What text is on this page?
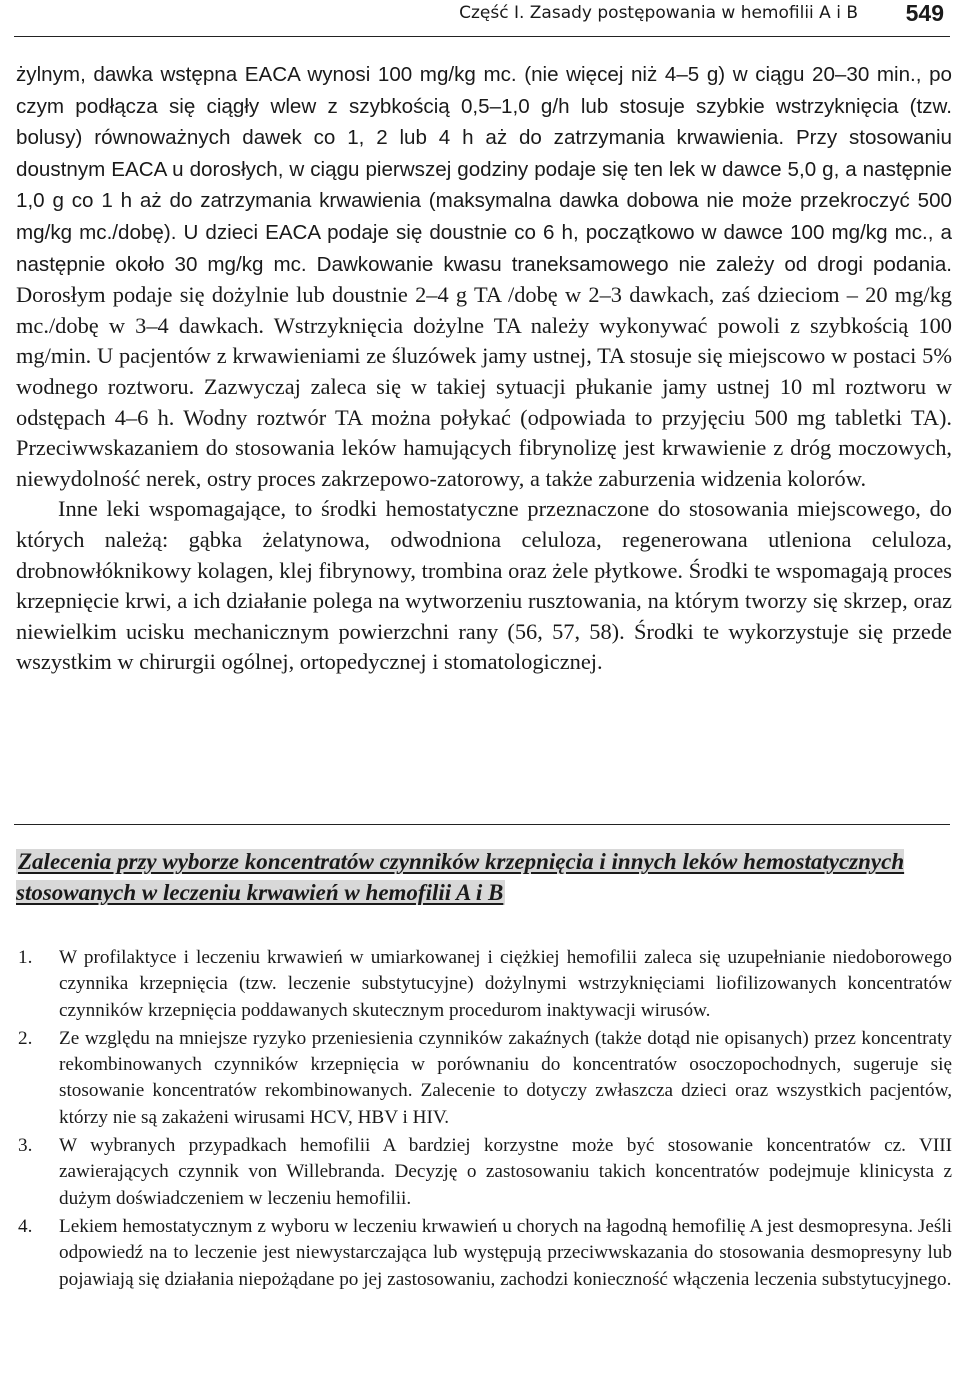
Część I. Zasady postępowania w hemofilii A i B 549

żylnym, dawka wstępna EACA wynosi 100 mg/kg mc. (nie więcej niż 4–5 g) w ciągu 20–30 min., po czym podłącza się ciągły wlew z szybkością 0,5–1,0 g/h lub stosuje szybkie wstrzyknięcia (tzw. bolusy) równoważnych dawek co 1, 2 lub 4 h aż do zatrzymania krwawienia. Przy stosowaniu doustnym EACA u dorosłych, w ciągu pierwszej godziny podaje się ten lek w dawce 5,0 g, a następnie 1,0 g co 1 h aż do zatrzymania krwawienia (maksymalna dawka dobowa nie może przekroczyć 500 mg/kg mc./dobę). U dzieci EACA podaje się doustnie co 6 h, początkowo w dawce 100 mg/kg mc., a następnie około 30 mg/kg mc. Dawkowanie kwasu traneksamowego nie zależy od drogi podania. Dorosłym podaje się dożylnie lub doustnie 2–4 g TA /dobę w 2–3 dawkach, zaś dzieciom – 20 mg/kg mc./dobę w 3–4 dawkach. Wstrzyknięcia dożylne TA należy wykonywać powoli z szybkością 100 mg/min. U pacjentów z krwawieniami ze śluzówek jamy ustnej, TA stosuje się miejscowo w postaci 5% wodnego roztworu. Zazwyczaj zaleca się w takiej sytuacji płukanie jamy ustnej 10 ml roztworu w odstępach 4–6 h. Wodny roztwór TA można połykać (odpowiada to przyjęciu 500 mg tabletki TA). Przeciwwskazaniem do stosowania leków hamujących fibrynolizę jest krwawienie z dróg moczowych, niewydolność nerek, ostry proces zakrzepowo-zatorowy, a także zaburzenia widzenia kolorów.

Inne leki wspomagające, to środki hemostatyczne przeznaczone do stosowania miejscowego, do których należą: gąbka żelatynowa, odwodniona celuloza, regenerowana utleniona celuloza, drobnowłóknikowy kolagen, klej fibrynowy, trombina oraz żele płytkowe. Środki te wspomagają proces krzepnięcie krwi, a ich działanie polega na wytworzeniu rusztowania, na którym tworzy się skrzep, oraz niewielkim ucisku mechanicznym powierzchni rany (56, 57, 58). Środki te wykorzystuje się przede wszystkim w chirurgii ogólnej, ortopedycznej i stomatologicznej.

Zalecenia przy wyborze koncentratów czynników krzepnięcia i innych leków hemostatycznych stosowanych w leczeniu krwawień w hemofilii A i B
1. W profilaktyce i leczeniu krwawień w umiarkowanej i ciężkiej hemofilii zaleca się uzupełnianie niedoborowego czynnika krzepnięcia (tzw. leczenie substytucyjne) dożylnymi wstrzyknięciami liofilizowanych koncentratów czynników krzepnięcia poddawanych skutecznym procedurom inaktywacji wirusów.
2. Ze względu na mniejsze ryzyko przeniesienia czynników zakaźnych (także dotąd nie opisanych) przez koncentraty rekombinowanych czynników krzepnięcia w porównaniu do koncentratów osoczopochodnych, sugeruje się stosowanie koncentratów rekombinowanych. Zalecenie to dotyczy zwłaszcza dzieci oraz wszystkich pacjentów, którzy nie są zakażeni wirusami HCV, HBV i HIV.
3. W wybranych przypadkach hemofilii A bardziej korzystne może być stosowanie koncentratów cz. VIII zawierających czynnik von Willebranda. Decyzję o zastosowaniu takich koncentratów podejmuje klinicysta z dużym doświadczeniem w leczeniu hemofilii.
4. Lekiem hemostatycznym z wyboru w leczeniu krwawień u chorych na łagodną hemofilię A jest desmopresyna. Jeśli odpowiedź na to leczenie jest niewystarczająca lub występują przeciwwskazania do stosowania desmopresyny lub pojawiają się działania niepożądane po jej zastosowaniu, zachodzi konieczność włączenia leczenia substytucyjnego.
